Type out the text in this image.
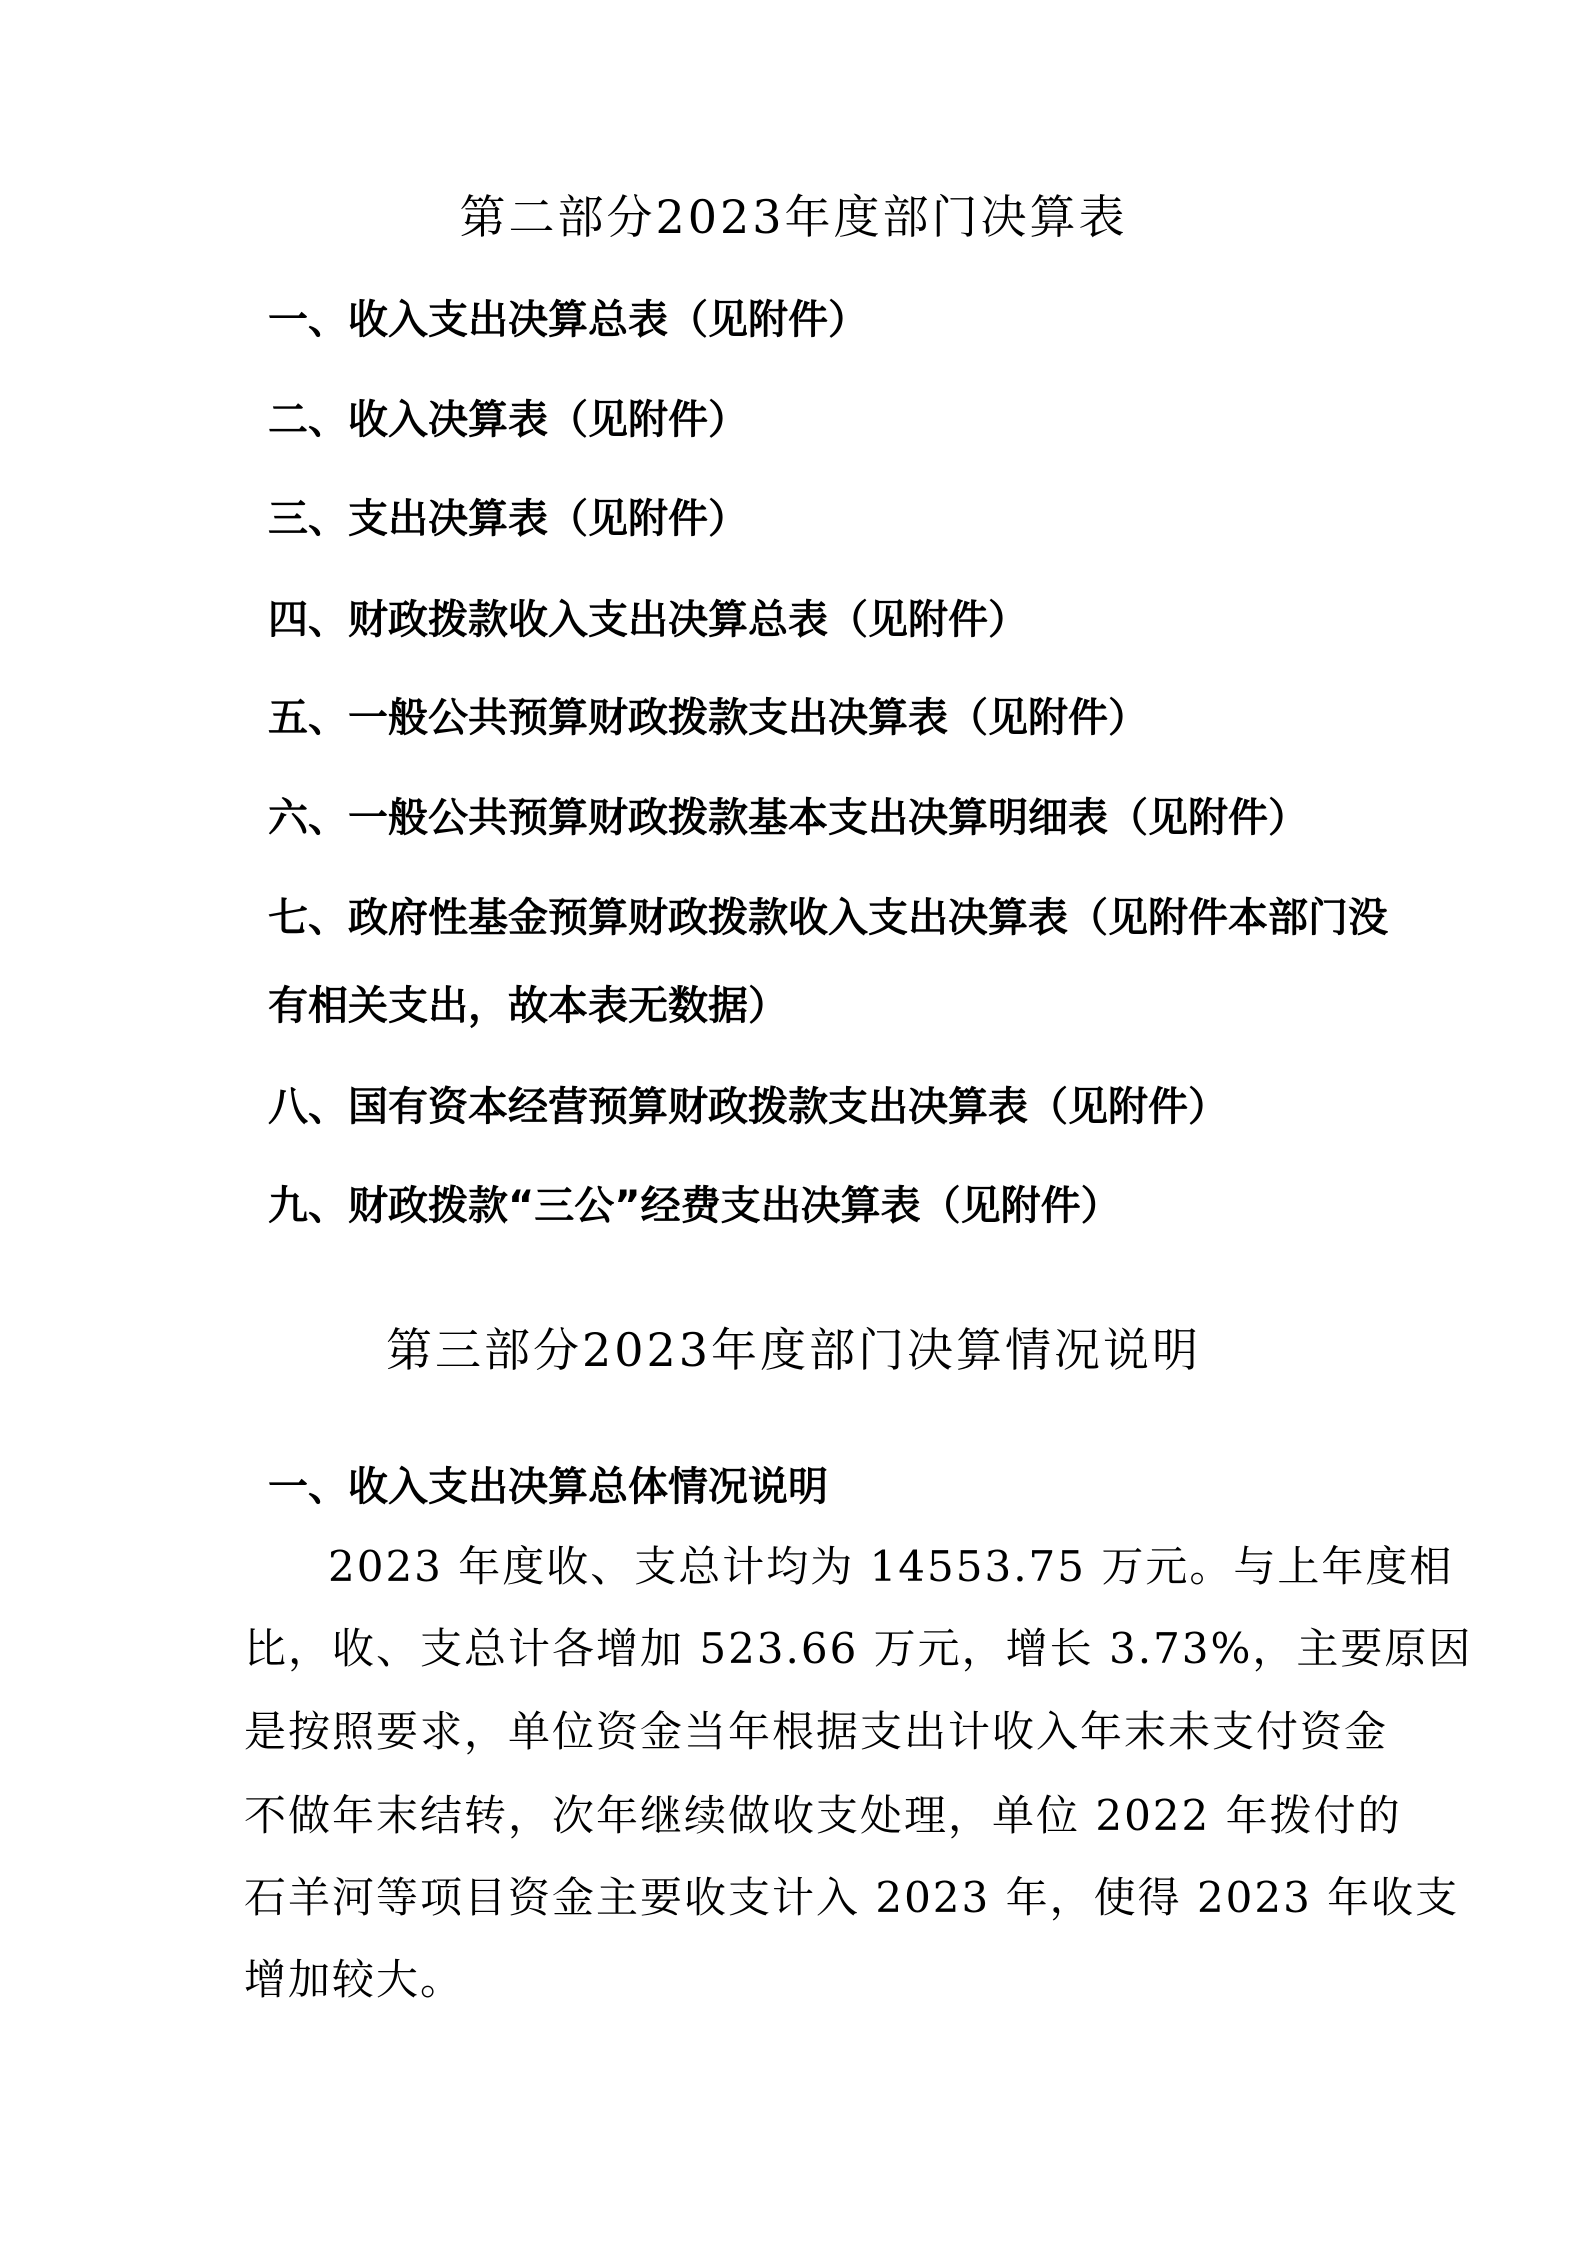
第二部分2023年度部门决算表
一、收入支出决算总表（见附件）
二、收入决算表（见附件）
三、支出决算表（见附件）
四、财政拨款收入支出决算总表（见附件）
五、一般公共预算财政拨款支出决算表（见附件）
六、一般公共预算财政拨款基本支出决算明细表（见附件）
七、政府性基金预算财政拨款收入支出决算表（见附件本部门没
有相关支出，故本表无数据）
八、国有资本经营预算财政拨款支出决算表（见附件）
九、财政拨款“三公”经费支出决算表（见附件）
第三部分2023年度部门决算情况说明
一、收入支出决算总体情况说明
2023 年度收、支总计均为 14553.75 万元。与上年度相
比，收、支总计各增加 523.66 万元，增长 3.73%，主要原因
是按照要求，单位资金当年根据支出计收入年末未支付资金
不做年末结转，次年继续做收支处理，单位 2022 年拨付的
石羊河等项目资金主要收支计入 2023 年，使得 2023 年收支
增加较大。
